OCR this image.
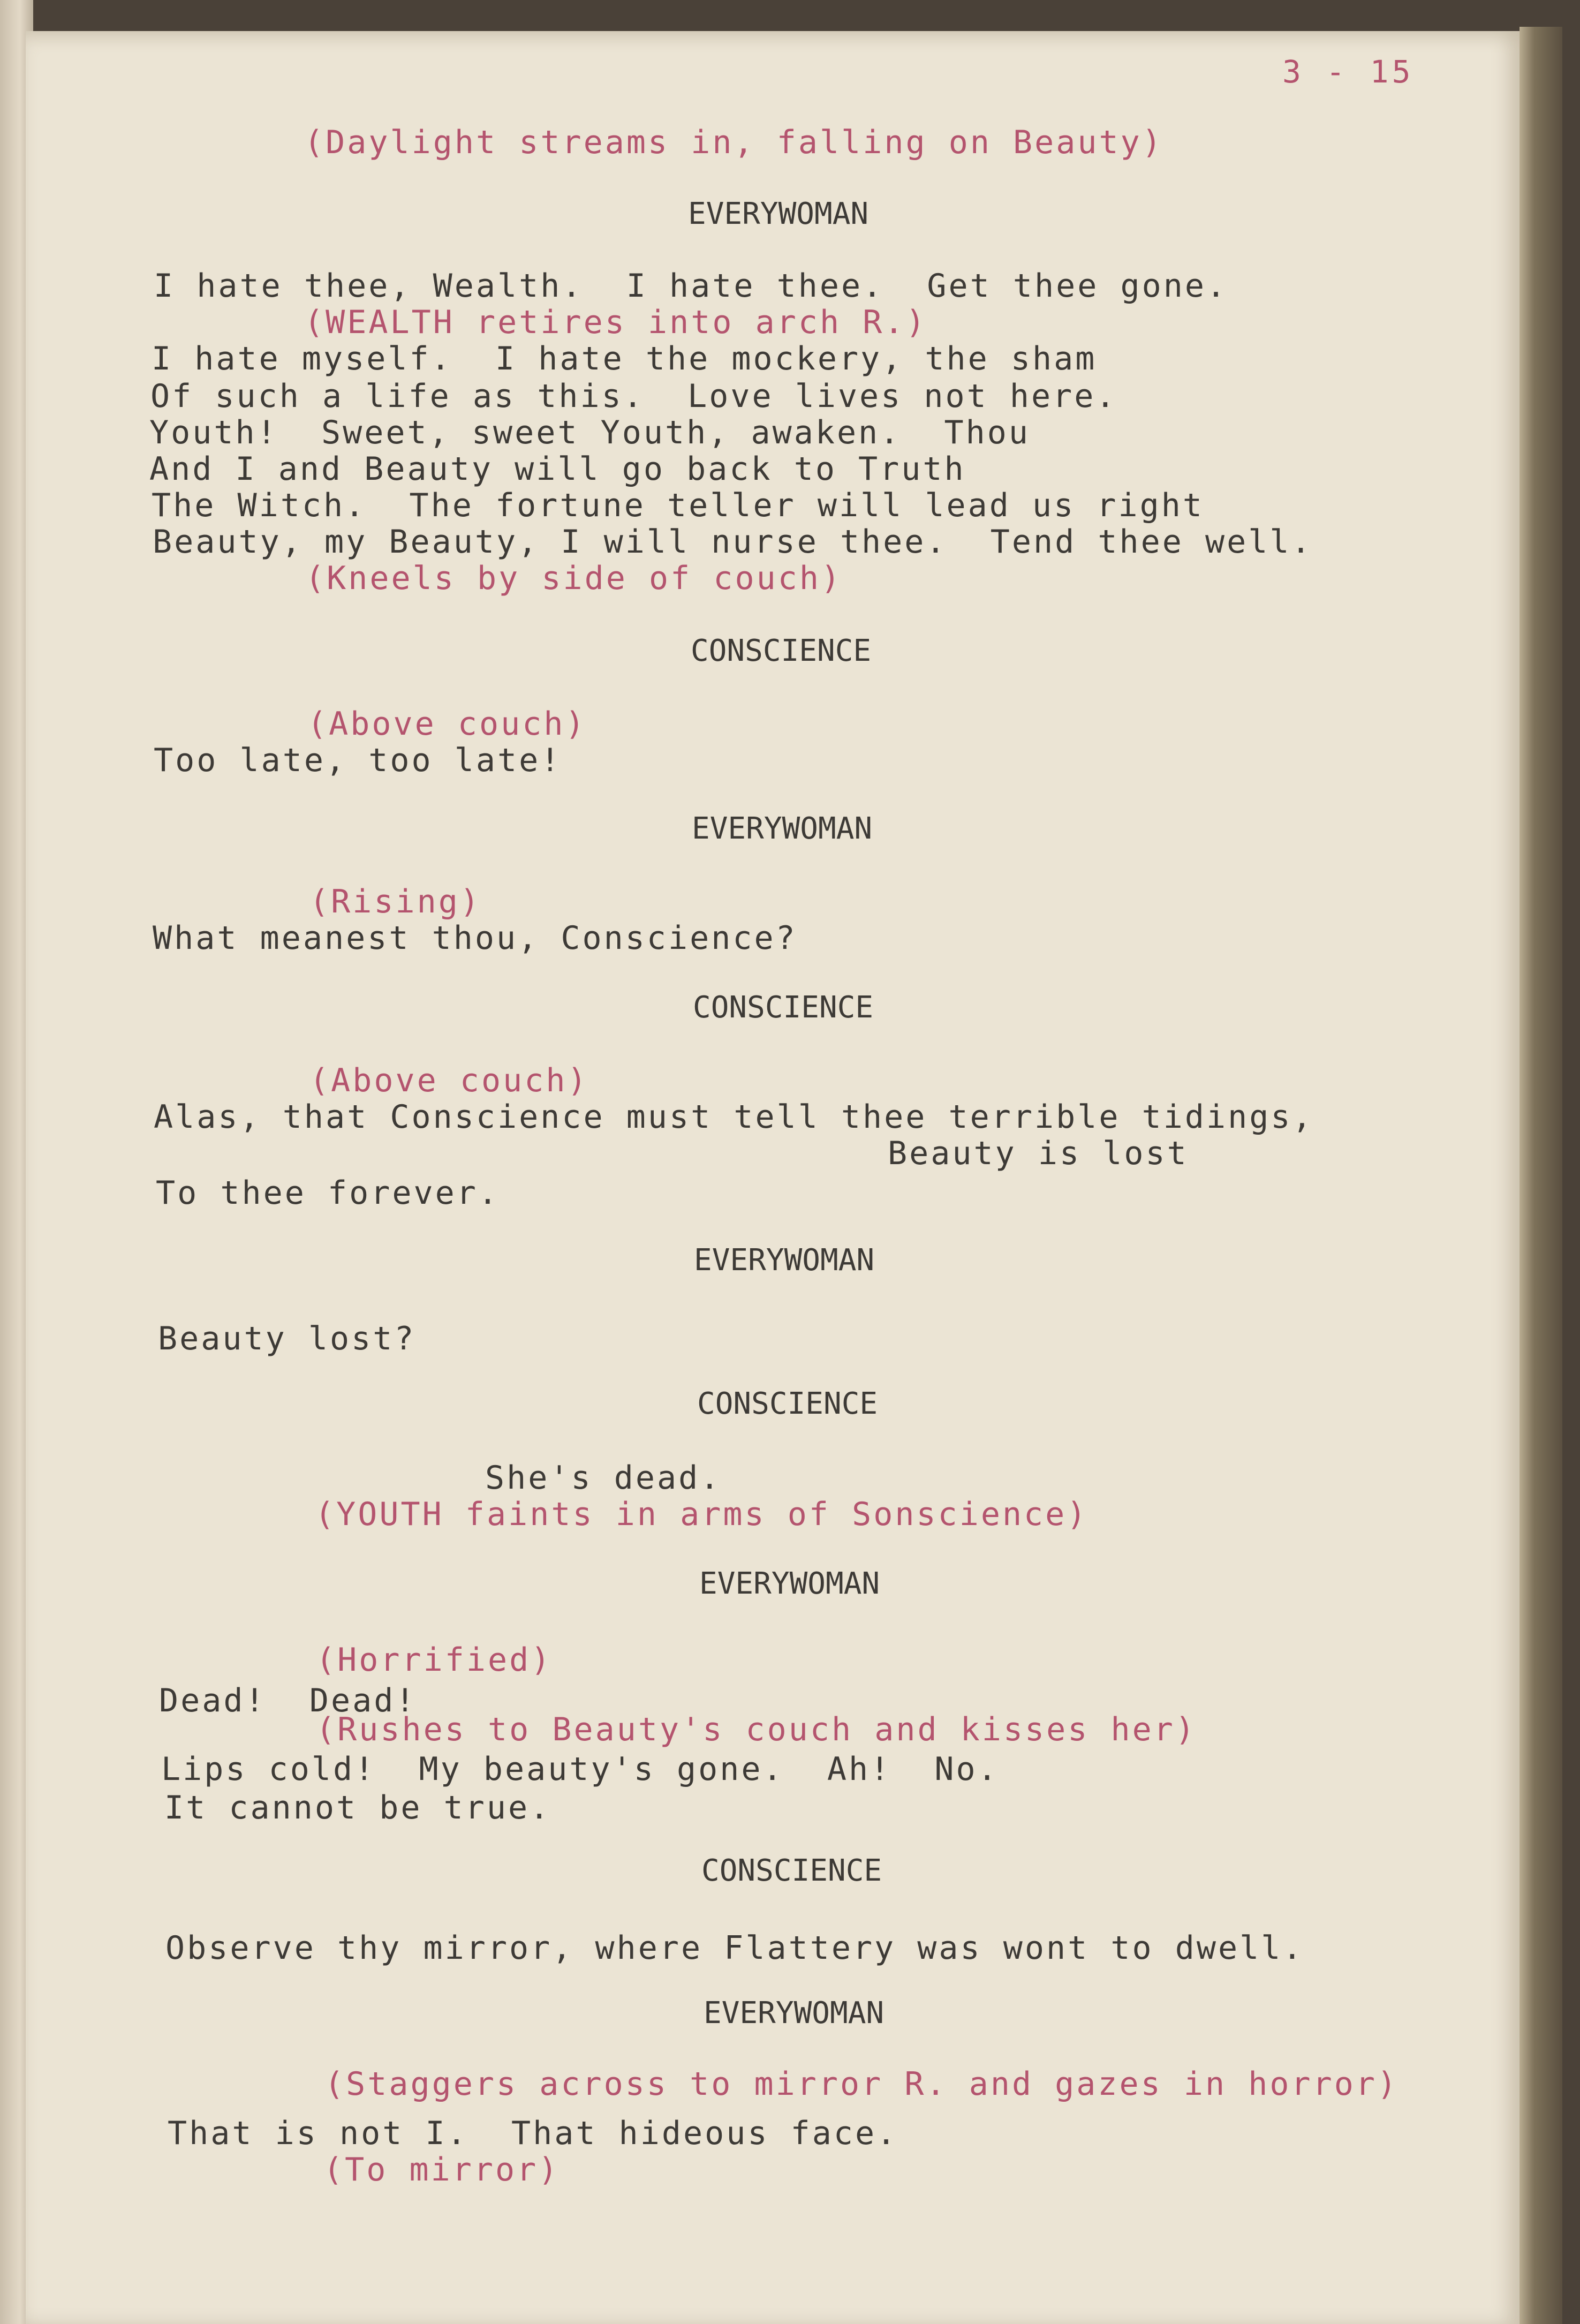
3 - 15
(Daylight streams in, falling on Beauty)
EVERYWOMAN
I hate thee, Wealth.  I hate thee.  Get thee gone.
(WEALTH retires into arch R.)
I hate myself.  I hate the mockery, the sham
Of such a life as this.  Love lives not here.
Youth!  Sweet, sweet Youth, awaken.  Thou
And I and Beauty will go back to Truth
The Witch.  The fortune teller will lead us right
Beauty, my Beauty, I will nurse thee.  Tend thee well.
(Kneels by side of couch)
CONSCIENCE
(Above couch)
Too late, too late!
EVERYWOMAN
(Rising)
What meanest thou, Conscience?
CONSCIENCE
(Above couch)
Alas, that Conscience must tell thee terrible tidings,
Beauty is lost
To thee forever.
EVERYWOMAN
Beauty lost?
CONSCIENCE
She's dead.
(YOUTH faints in arms of Sonscience)
EVERYWOMAN
(Horrified)
Dead!  Dead!
(Rushes to Beauty's couch and kisses her)
Lips cold!  My beauty's gone.  Ah!  No.
It cannot be true.
CONSCIENCE
Observe thy mirror, where Flattery was wont to dwell.
EVERYWOMAN
(Staggers across to mirror R. and gazes in horror)
That is not I.  That hideous face.
(To mirror)
